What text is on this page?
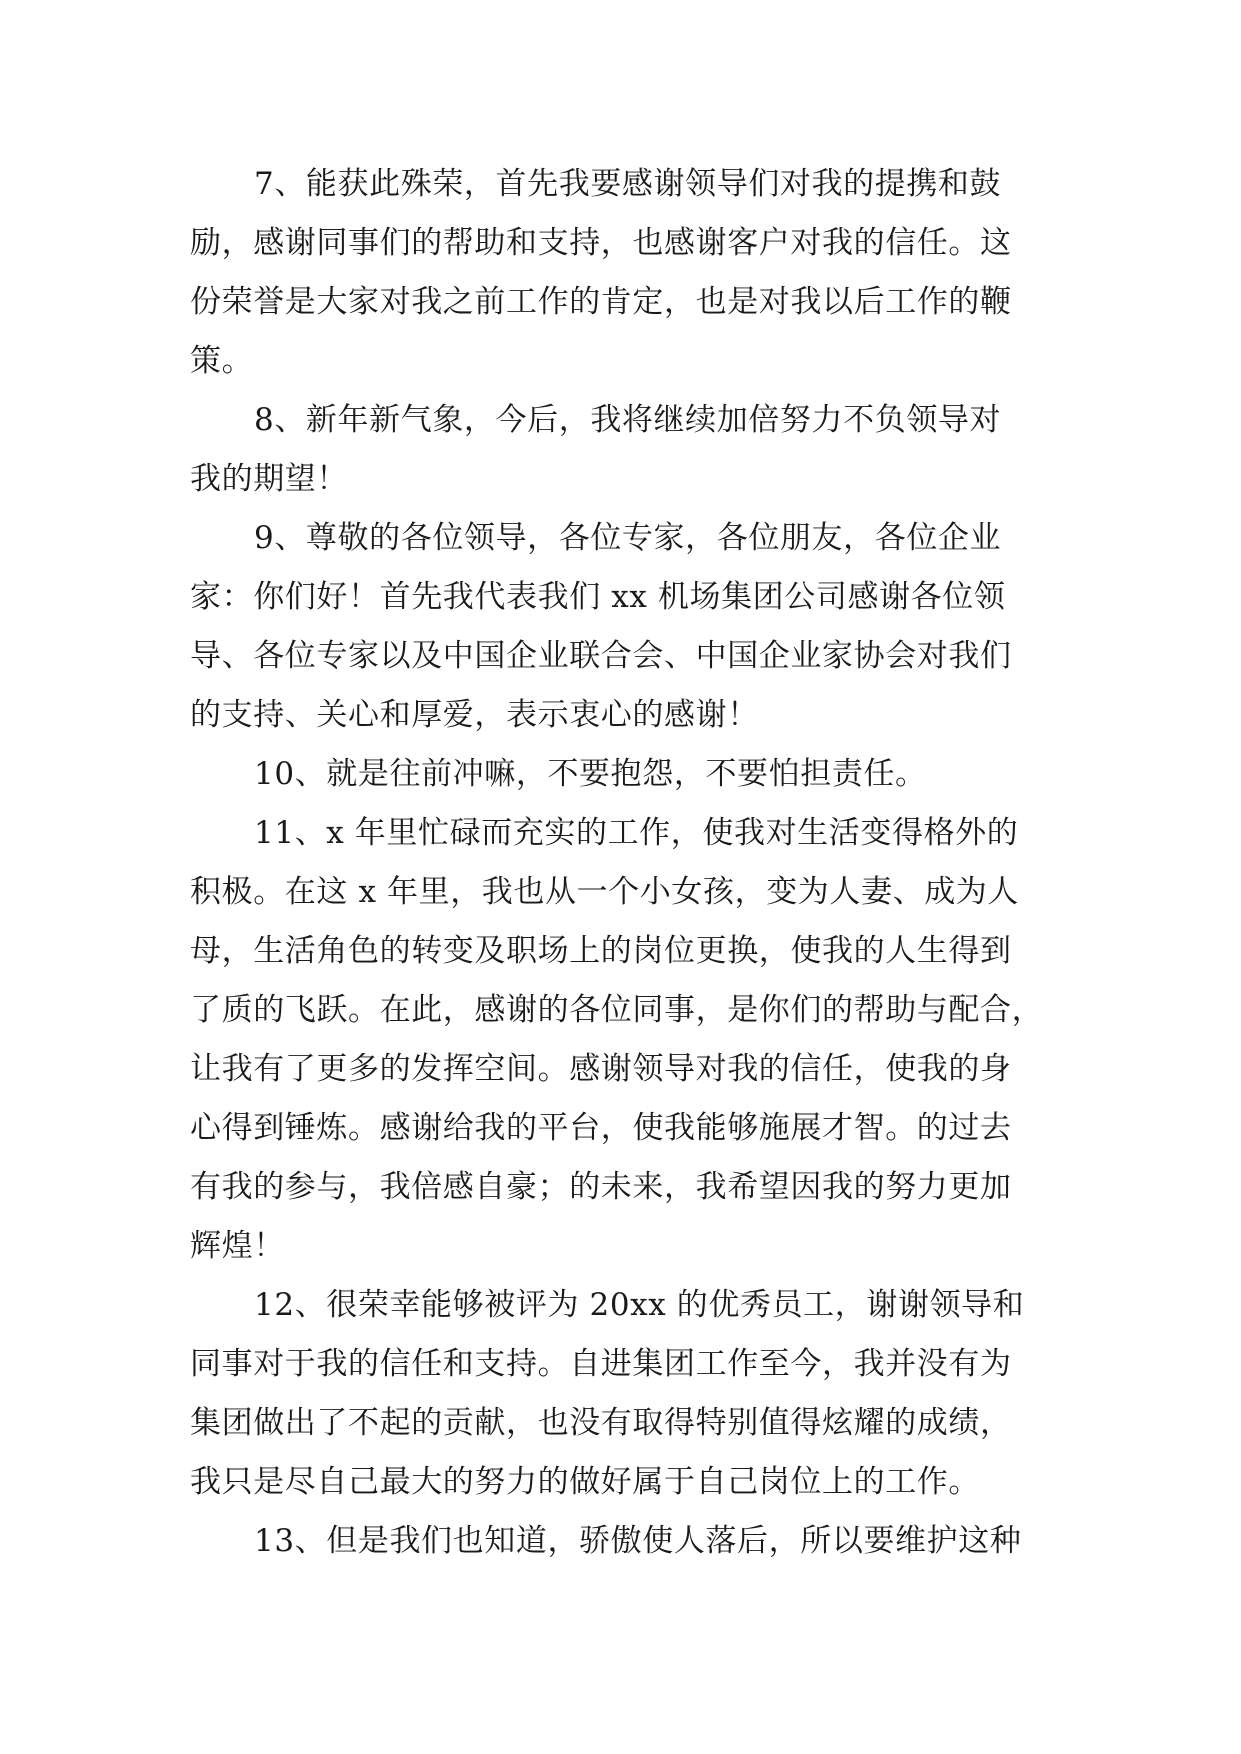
7、能获此殊荣，首先我要感谢领导们对我的提携和鼓
励，感谢同事们的帮助和支持，也感谢客户对我的信任。这
份荣誉是大家对我之前工作的肯定，也是对我以后工作的鞭
策。
8、新年新气象，今后，我将继续加倍努力不负领导对
我的期望！
9、尊敬的各位领导，各位专家，各位朋友，各位企业
家：你们好！首先我代表我们 xx 机场集团公司感谢各位领
导、各位专家以及中国企业联合会、中国企业家协会对我们
的支持、关心和厚爱，表示衷心的感谢！
10、就是往前冲嘛，不要抱怨，不要怕担责任。
11、x 年里忙碌而充实的工作，使我对生活变得格外的
积极。在这 x 年里，我也从一个小女孩，变为人妻、成为人
母，生活角色的转变及职场上的岗位更换，使我的人生得到
了质的飞跃。在此，感谢的各位同事，是你们的帮助与配合，
让我有了更多的发挥空间。感谢领导对我的信任，使我的身
心得到锤炼。感谢给我的平台，使我能够施展才智。的过去
有我的参与，我倍感自豪；的未来，我希望因我的努力更加
辉煌！
12、很荣幸能够被评为 20xx 的优秀员工，谢谢领导和
同事对于我的信任和支持。自进集团工作至今，我并没有为
集团做出了不起的贡献，也没有取得特别值得炫耀的成绩，
我只是尽自己最大的努力的做好属于自己岗位上的工作。
13、但是我们也知道，骄傲使人落后，所以要维护这种
